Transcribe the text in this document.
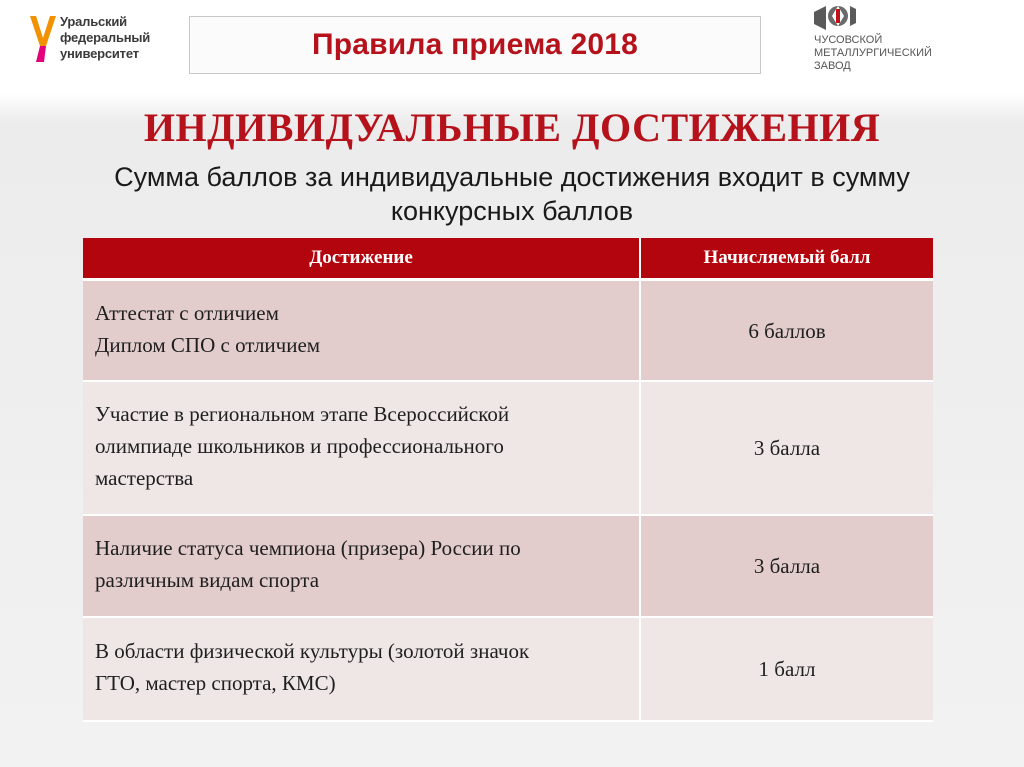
Уральский
федеральный
университет	Правила приема 2018	ЧУСОВСКОЙ
МЕТАЛЛУРГИЧЕСКИЙ
ЗАВОД
ИНДИВИДУАЛЬНЫЕ ДОСТИЖЕНИЯ
Сумма баллов за индивидуальные достижения входит в сумму
конкурсных баллов
Достижение	Начисляемый балл

Аттестат с отличием
Диплом СПО с отличием	6 баллов

Участие в региональном этапе Всероссийской
олимпиаде школьников и профессионального
мастерства	3 балла

Наличие статуса чемпиона (призера) России по
различным видам спорта	3 балла

В области физической культуры (золотой значок
ГТО, мастер спорта, КМС)	1 балл
